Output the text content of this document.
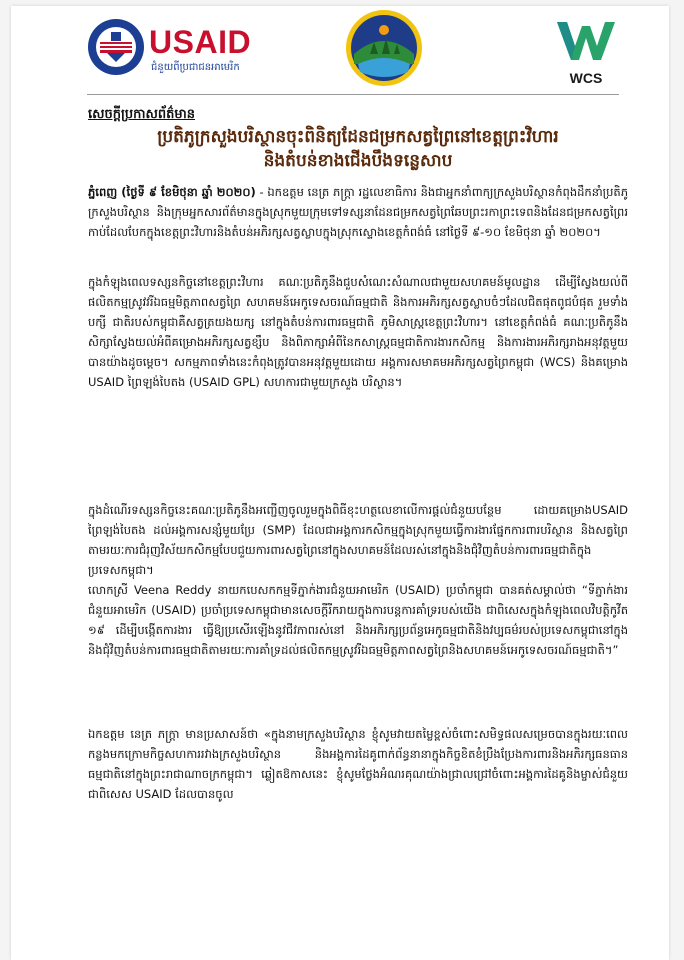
USAID
ជំនួយពីប្រជាជនអាមេរិក
WCS
សេចក្តីប្រកាសព័ត៌មាន
ប្រតិភូក្រសួងបរិស្ថានចុះពិនិត្យដែនជម្រកសត្វព្រៃនៅខេត្តព្រះវិហារ
និងតំបន់ខាងជើងបឹងទន្លេសាប
ភ្នំពេញ (ថ្ងៃទី ៩ ខែមិថុនា ឆ្នាំ ២០២០) - ឯកឧត្តម នេត្រ ភក្ត្រា រដ្ឋលេខាធិការ និងជាអ្នកនាំពាក្យក្រសួងបរិស្ថានកំពុងដឹកនាំប្រតិភូក្រសួងបរិស្ថាន និងក្រុមអ្នកសារព័ត៌មានក្នុងស្រុកមួយក្រុមទៅទស្សនាដែនជម្រកសត្វព្រៃឆែបព្រះរកាព្រះទេពនិងដែនជម្រកសត្វព្រៃរកាប់ដែលបែកក្នុងខេត្តព្រះវិហារនិងតំបន់អភិរក្សសត្វស្លាបក្នុងស្រុកស្ទោងខេត្តកំពង់ធំ នៅថ្ងៃទី ៩-១០ ខែមិថុនា ឆ្នាំ ២០២០។
ក្នុងកំឡុងពេលទស្សនកិច្ចនៅខេត្តព្រះវិហារ គណៈប្រតិភូនឹងជួបសំណេះសំណាលជាមួយសហគមន៍មូលដ្ឋាន ដើម្បីស្វែងយល់ពីផលិតកម្មស្រូវវរីឯធម្មមិត្តភាពសត្វព្រៃ សហគមន៍អេកូទេសចរណ៍ធម្មជាតិ និងការអភិរក្សសត្វស្លាបចំៗដែលជិតផុតពូជបំផុត រួមទាំងបក្សី ជាតិរបស់កម្ពុជាគឺសត្វត្រយងយក្ស នៅក្នុងតំបន់ការពារធម្មជាតិ ភូមិសាស្ត្រខេត្តព្រះវិហារ។ នៅខេត្តកំពង់ធំ គណៈប្រតិភូនឹងសិក្សាស្វែងយល់អំពីគម្រោងអភិរក្សសត្វខ្សឹប និងពិភាក្សាអំពីនៃកសាស្ត្រធម្មជាតិការងារកសិកម្ម និងការងារអភិរក្សរាងអនុវត្តមួយបានយ៉ាងដូចម្តេច។ សកម្មភាពទាំងនេះកំពុងត្រូវបានអនុវត្តមួយដោយ អង្គការសមាគមអភិរក្សសត្វព្រៃកម្ពុជា (WCS) និងគម្រោង USAID ព្រៃឡង់បៃតង (USAID GPL) សហការជាមួយក្រសួង បរិស្ថាន។
ក្នុងដំណើរទស្សនកិច្ចនេះគណៈប្រតិភូនឹងអញ្ជើញចូលរួមក្នុងពិធីខុះហត្ថលេខាលើការផ្តល់ជំនួយបន្ថែម ដោយគម្រោងUSAID ព្រៃឡង់បៃតង ដល់អង្គការសន្សំមួយប្រែ (SMP) ដែលជាអង្គការកសិកម្មក្នុងស្រុកមួយធ្វើការងារផ្នែកការពារបរិស្ថាន និងសត្វព្រៃតាមរយៈការជំរុញវិស័យកសិកម្មបែបជួយការពារសត្វព្រៃនៅក្នុងសហគមន៍ដែលរស់នៅក្នុងនិងជុំវិញតំបន់ការពារធម្មជាតិក្នុងប្រទេសកម្ពុជា។
លោកស្រី Veena Reddy នាយកបេសកកម្មទីភ្នាក់ងារជំនួយអាមេរិក (USAID) ប្រចាំកម្ពុជា បានគត់សម្គាល់ថា “ទីភ្នាក់ងារជំនួយអាមេរិក (USAID) ប្រចាំប្រទេសកម្ពុជាមានសេចក្តីរីករាយក្នុងការបន្តការគាំទ្ររបស់យើង ជាពិសេសក្នុងកំឡុងពេលវិបត្តិកូវីត ១៩ ដើម្បីបង្កើតការងារ ធ្វើឱ្យប្រសើរឡើងនូវជីវភាពរស់នៅ និងអភិរក្សប្រព័ន្ធអេកូធម្មជាតិនិងវប្បធម៌របស់ប្រទេសកម្ពុជានៅក្នុងនិងជុំវិញតំបន់ការពារធម្មជាតិតាមរយៈការគាំទ្រដល់ផលិតកម្មស្រូវរីឯធម្មមិត្តភាពសត្វព្រៃនិងសហគមន៍អេកូទេសចរណ៍ធម្មជាតិ។”
ឯកឧត្តម នេត្រ ភក្ត្រា មានប្រសាសន៍ថា «ក្នុងនាមក្រសួងបរិស្ថាន ខ្ញុំសូមវាយតម្លៃខ្ពស់ចំពោះសមិទ្ធផលសម្រេចបានក្នុងរយៈពេលកន្លងមកក្រោមកិច្ចសហការរវាងក្រសួងបរិស្ថាន និងអង្គការដៃគូពាក់ព័ន្ធនានាក្នុងកិច្ចខិតខំប្រឹងប្រែងការពារនិងអភិរក្សធនធានធម្មជាតិនៅក្នុងព្រះរាជាណាចក្រកម្ពុជា។ ឆ្លៀតឱកាសនេះ ខ្ញុំសូមថ្លែងអំណរគុណយ៉ាងជ្រាលជ្រៅចំពោះអង្គការដៃគូនិងម្ចាស់ជំនួយ ជាពិសេស USAID ដែលបានចូល
